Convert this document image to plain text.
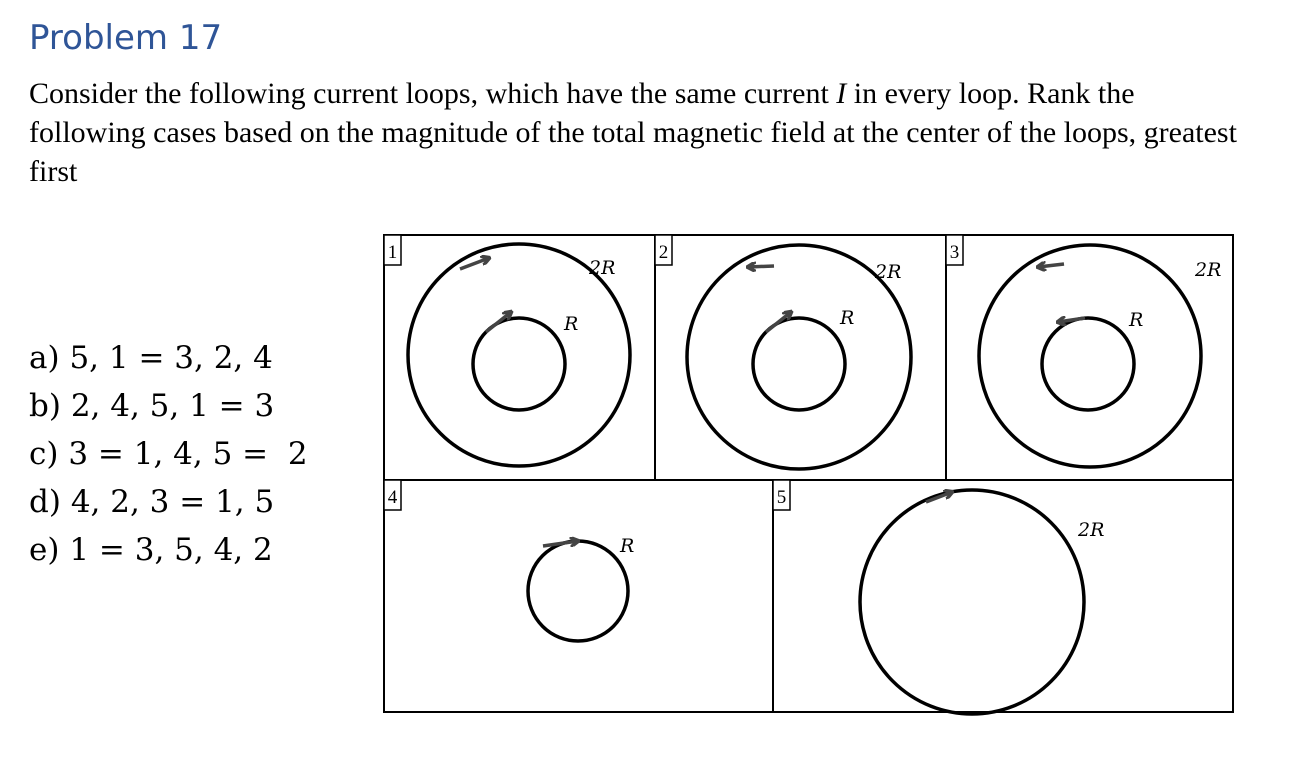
Problem 17
Consider the following current loops, which have the same current I in every loop. Rank the following cases based on the magnitude of the total magnetic field at the center of the loops, greatest first
a) 5, 1 = 3, 2, 4
b) 2, 4, 5, 1 = 3
c) 3 = 1, 4, 5 =  2
d) 4, 2, 3 = 1, 5
e) 1 = 3, 5, 4, 2
1
2R
R
2
2R
R
3
2R
R
4
R
5
2R
